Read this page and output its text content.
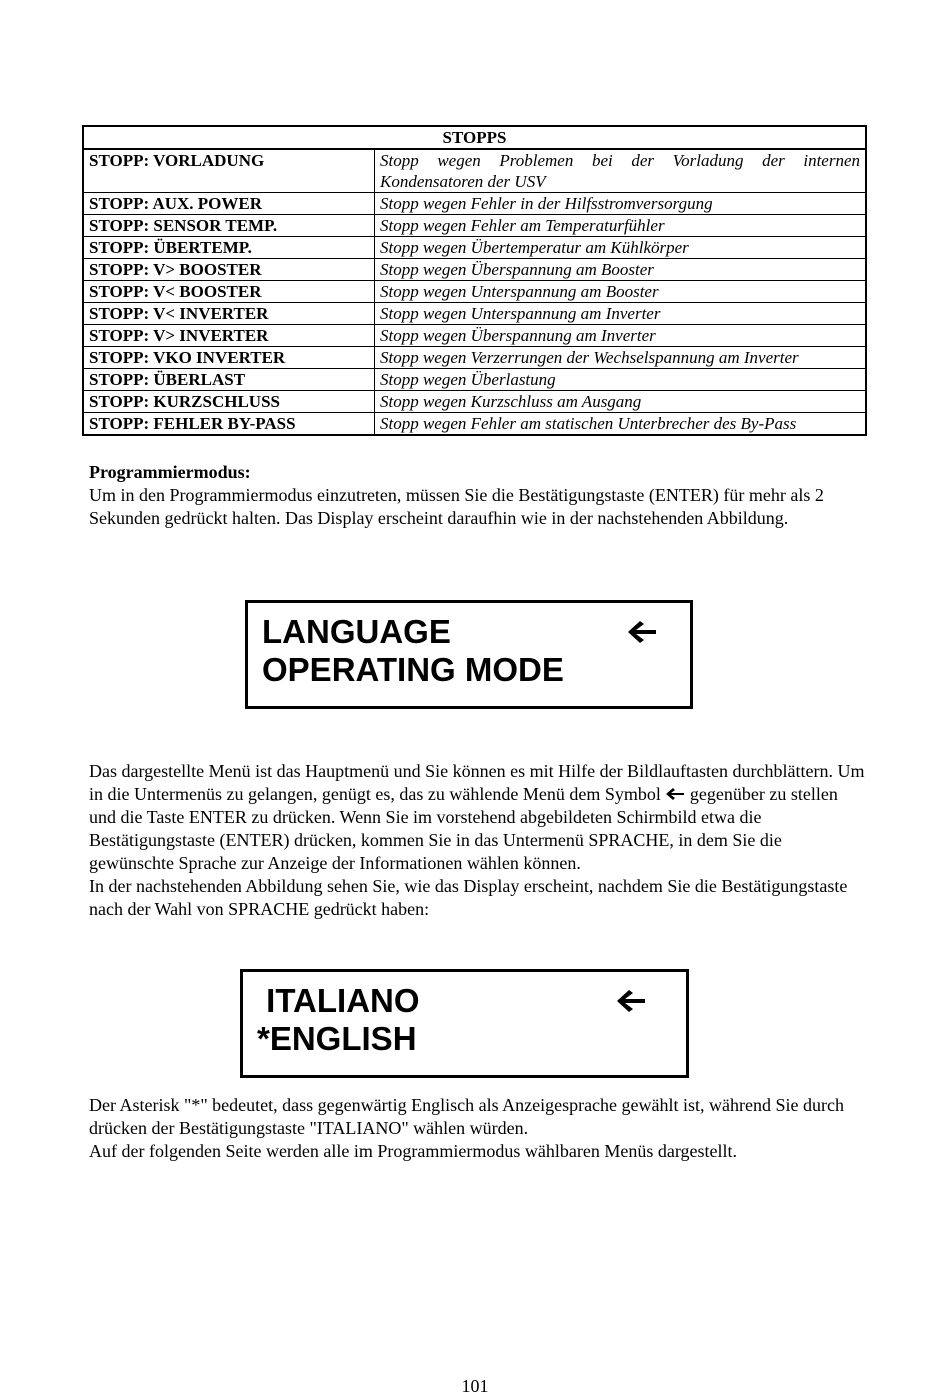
STOPPS	
STOPP: VORLADUNG	Stopp wegen Problemen bei der Vorladung der internen Kondensatoren der USV
STOPP: AUX. POWER	Stopp wegen Fehler in der Hilfsstromversorgung
STOPP: SENSOR TEMP.	Stopp wegen Fehler am Temperaturfühler
STOPP: ÜBERTEMP.	Stopp wegen Übertemperatur am Kühlkörper
STOPP: V> BOOSTER	Stopp wegen Überspannung am Booster
STOPP: V< BOOSTER	Stopp wegen Unterspannung am Booster
STOPP: V< INVERTER	Stopp wegen Unterspannung am Inverter
STOPP: V> INVERTER	Stopp wegen Überspannung am Inverter
STOPP: VKO INVERTER	Stopp wegen Verzerrungen der Wechselspannung am Inverter
STOPP: ÜBERLAST	Stopp wegen Überlastung
STOPP: KURZSCHLUSS	Stopp wegen Kurzschluss am Ausgang
STOPP: FEHLER BY-PASS	Stopp wegen Fehler am statischen Unterbrecher des By-Pass

Programmiermodus:

Um in den Programmiermodus einzutreten, müssen Sie die Bestätigungstaste (ENTER) für mehr als 2 Sekunden gedrückt halten. Das Display erscheint daraufhin wie in der nachstehenden Abbildung.

LANGUAGE
OPERATING MODE

Das dargestellte Menü ist das Hauptmenü und Sie können es mit Hilfe der Bildlauftasten durchblättern. Um in die Untermenüs zu gelangen, genügt es, das zu wählende Menü dem Symbol gegenüber zu stellen und die Taste ENTER zu drücken. Wenn Sie im vorstehend abgebildeten Schirmbild etwa die Bestätigungstaste (ENTER) drücken, kommen Sie in das Untermenü SPRACHE, in dem Sie die gewünschte Sprache zur Anzeige der Informationen wählen können.

In der nachstehenden Abbildung sehen Sie, wie das Display erscheint, nachdem Sie die Bestätigungstaste nach der Wahl von SPRACHE gedrückt haben:

ITALIANO
*ENGLISH

Der Asterisk "*" bedeutet, dass gegenwärtig Englisch als Anzeigesprache gewählt ist, während Sie durch drücken der Bestätigungstaste "ITALIANO" wählen würden.

Auf der folgenden Seite werden alle im Programmiermodus wählbaren Menüs dargestellt.

101
